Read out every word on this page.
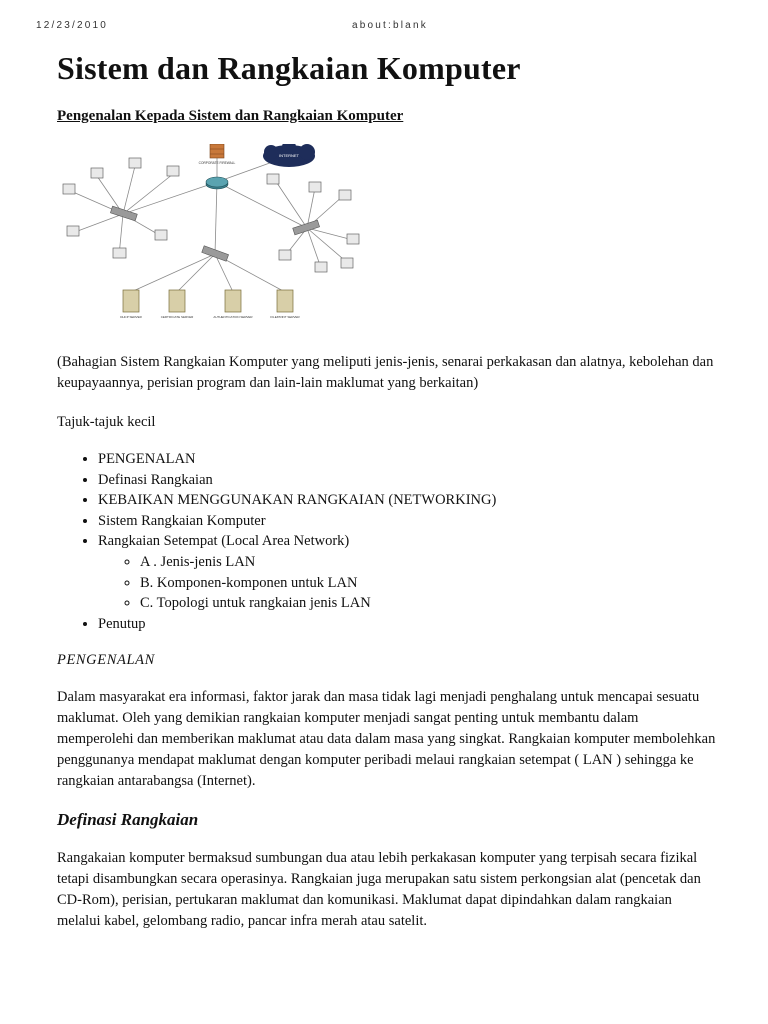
12/23/2010	about:blank
Sistem dan Rangkaian Komputer
Pengenalan Kepada Sistem dan Rangkaian Komputer
CORPORATE FIREWALL
INTERNET
DHCP SERVER	CERTIFICATE SERVER	AUTHENTICATION SERVER	FILE/PRINT SERVER

(Bahagian Sistem Rangkaian Komputer yang meliputi jenis-jenis, senarai perkakasan dan alatnya, kebolehan dan keupayaannya, perisian program dan lain-lain maklumat yang berkaitan)

Tajuk-tajuk kecil

• PENGENALAN
• Definasi Rangkaian
• KEBAIKAN MENGGUNAKAN RANGKAIAN (NETWORKING)
• Sistem Rangkaian Komputer
• Rangkaian Setempat (Local Area Network)
◦ A . Jenis-jenis LAN
◦ B. Komponen-komponen untuk LAN
◦ C. Topologi untuk rangkaian jenis LAN
• Penutup

PENGENALAN

Dalam masyarakat era informasi, faktor jarak dan masa tidak lagi menjadi penghalang untuk mencapai sesuatu maklumat. Oleh yang demikian rangkaian komputer menjadi sangat penting untuk membantu dalam memperolehi dan memberikan maklumat atau data dalam masa yang singkat. Rangkaian komputer membolehkan penggunanya mendapat maklumat dengan komputer peribadi melaui rangkaian setempat ( LAN ) sehingga ke rangkaian antarabangsa (Internet).

Definasi Rangkaian

Rangakaian komputer bermaksud sumbungan dua atau lebih perkakasan komputer yang terpisah secara fizikal tetapi disambungkan secara operasinya. Rangkaian juga merupakan satu sistem perkongsian alat (pencetak dan CD-Rom), perisian, pertukaran maklumat dan komunikasi. Maklumat dapat dipindahkan dalam rangkaian melalui kabel, gelombang radio, pancar infra merah atau satelit.
